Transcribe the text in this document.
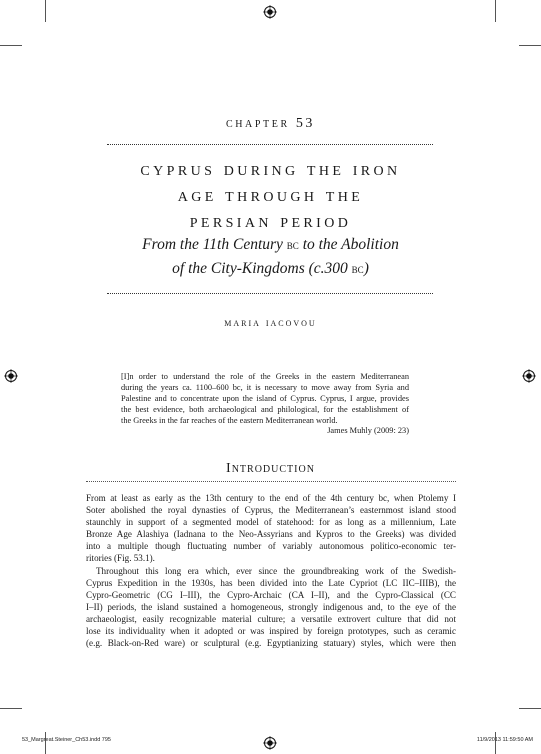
chapter 53
cyprus during the iron
age through the
persian period
From the 11th Century bc to the Abolition
of the City-Kingdoms (c.300 bc)
maria iacovou
[I]n order to understand the role of the Greeks in the eastern Mediterranean
during the years ca. 1100–600 bc, it is necessary to move away from Syria and
Palestine and to concentrate upon the island of Cyprus. Cyprus, I argue, provides
the best evidence, both archaeological and philological, for the establishment of
the Greeks in the far reaches of the eastern Mediterranean world.
James Muhly (2009: 23)
Introduction
From at least as early as the 13th century to the end of the 4th century bc, when Ptolemy I
Soter abolished the royal dynasties of Cyprus, the Mediterranean’s easternmost island stood
staunchly in support of a segmented model of statehood: for as long as a millennium, Late
Bronze Age Alashiya (Iadnana to the Neo-Assyrians and Kypros to the Greeks) was divided
into a multiple though fluctuating number of variably autonomous politico-economic ter-
ritories (Fig. 53.1).
Throughout this long era which, ever since the groundbreaking work of the Swedish-
Cyprus Expedition in the 1930s, has been divided into the Late Cypriot (LC IIC–IIIB), the
Cypro-Geometric (CG I–III), the Cypro-Archaic (CA I–II), and the Cypro-Classical (CC
I–II) periods, the island sustained a homogeneous, strongly indigenous and, to the eye of the
archaeologist, easily recognizable material culture; a versatile extrovert culture that did not
lose its individuality when it adopted or was inspired by foreign prototypes, such as ceramic
(e.g. Black-on-Red ware) or sculptural (e.g. Egyptianizing statuary) styles, which were then
53_Margreat.Steiner_Ch53.indd 795	11/9/2013 11:59:50 AM
